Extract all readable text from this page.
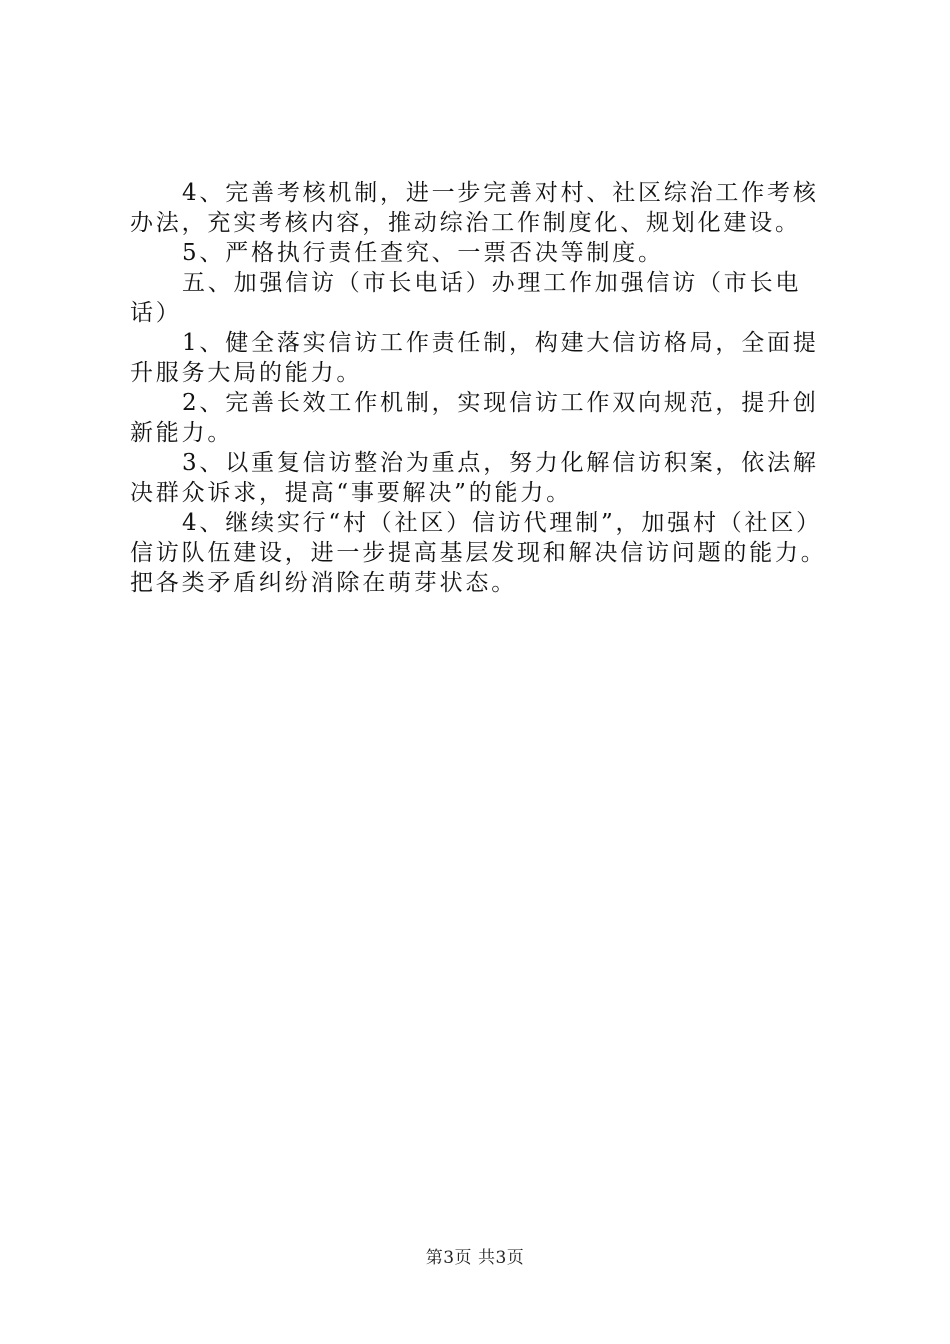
4、完善考核机制，进一步完善对村、社区综治工作考核办法，充实考核内容，推动综治工作制度化、规划化建设。

5、严格执行责任查究、一票否决等制度。

五、加强信访（市长电话）办理工作加强信访（市长电话）

1、健全落实信访工作责任制，构建大信访格局，全面提升服务大局的能力。

2、完善长效工作机制，实现信访工作双向规范，提升创新能力。

3、以重复信访整治为重点，努力化解信访积案，依法解决群众诉求，提高“事要解决”的能力。

4、继续实行“村（社区）信访代理制”，加强村（社区）信访队伍建设，进一步提高基层发现和解决信访问题的能力。把各类矛盾纠纷消除在萌芽状态。

第3页 共3页
